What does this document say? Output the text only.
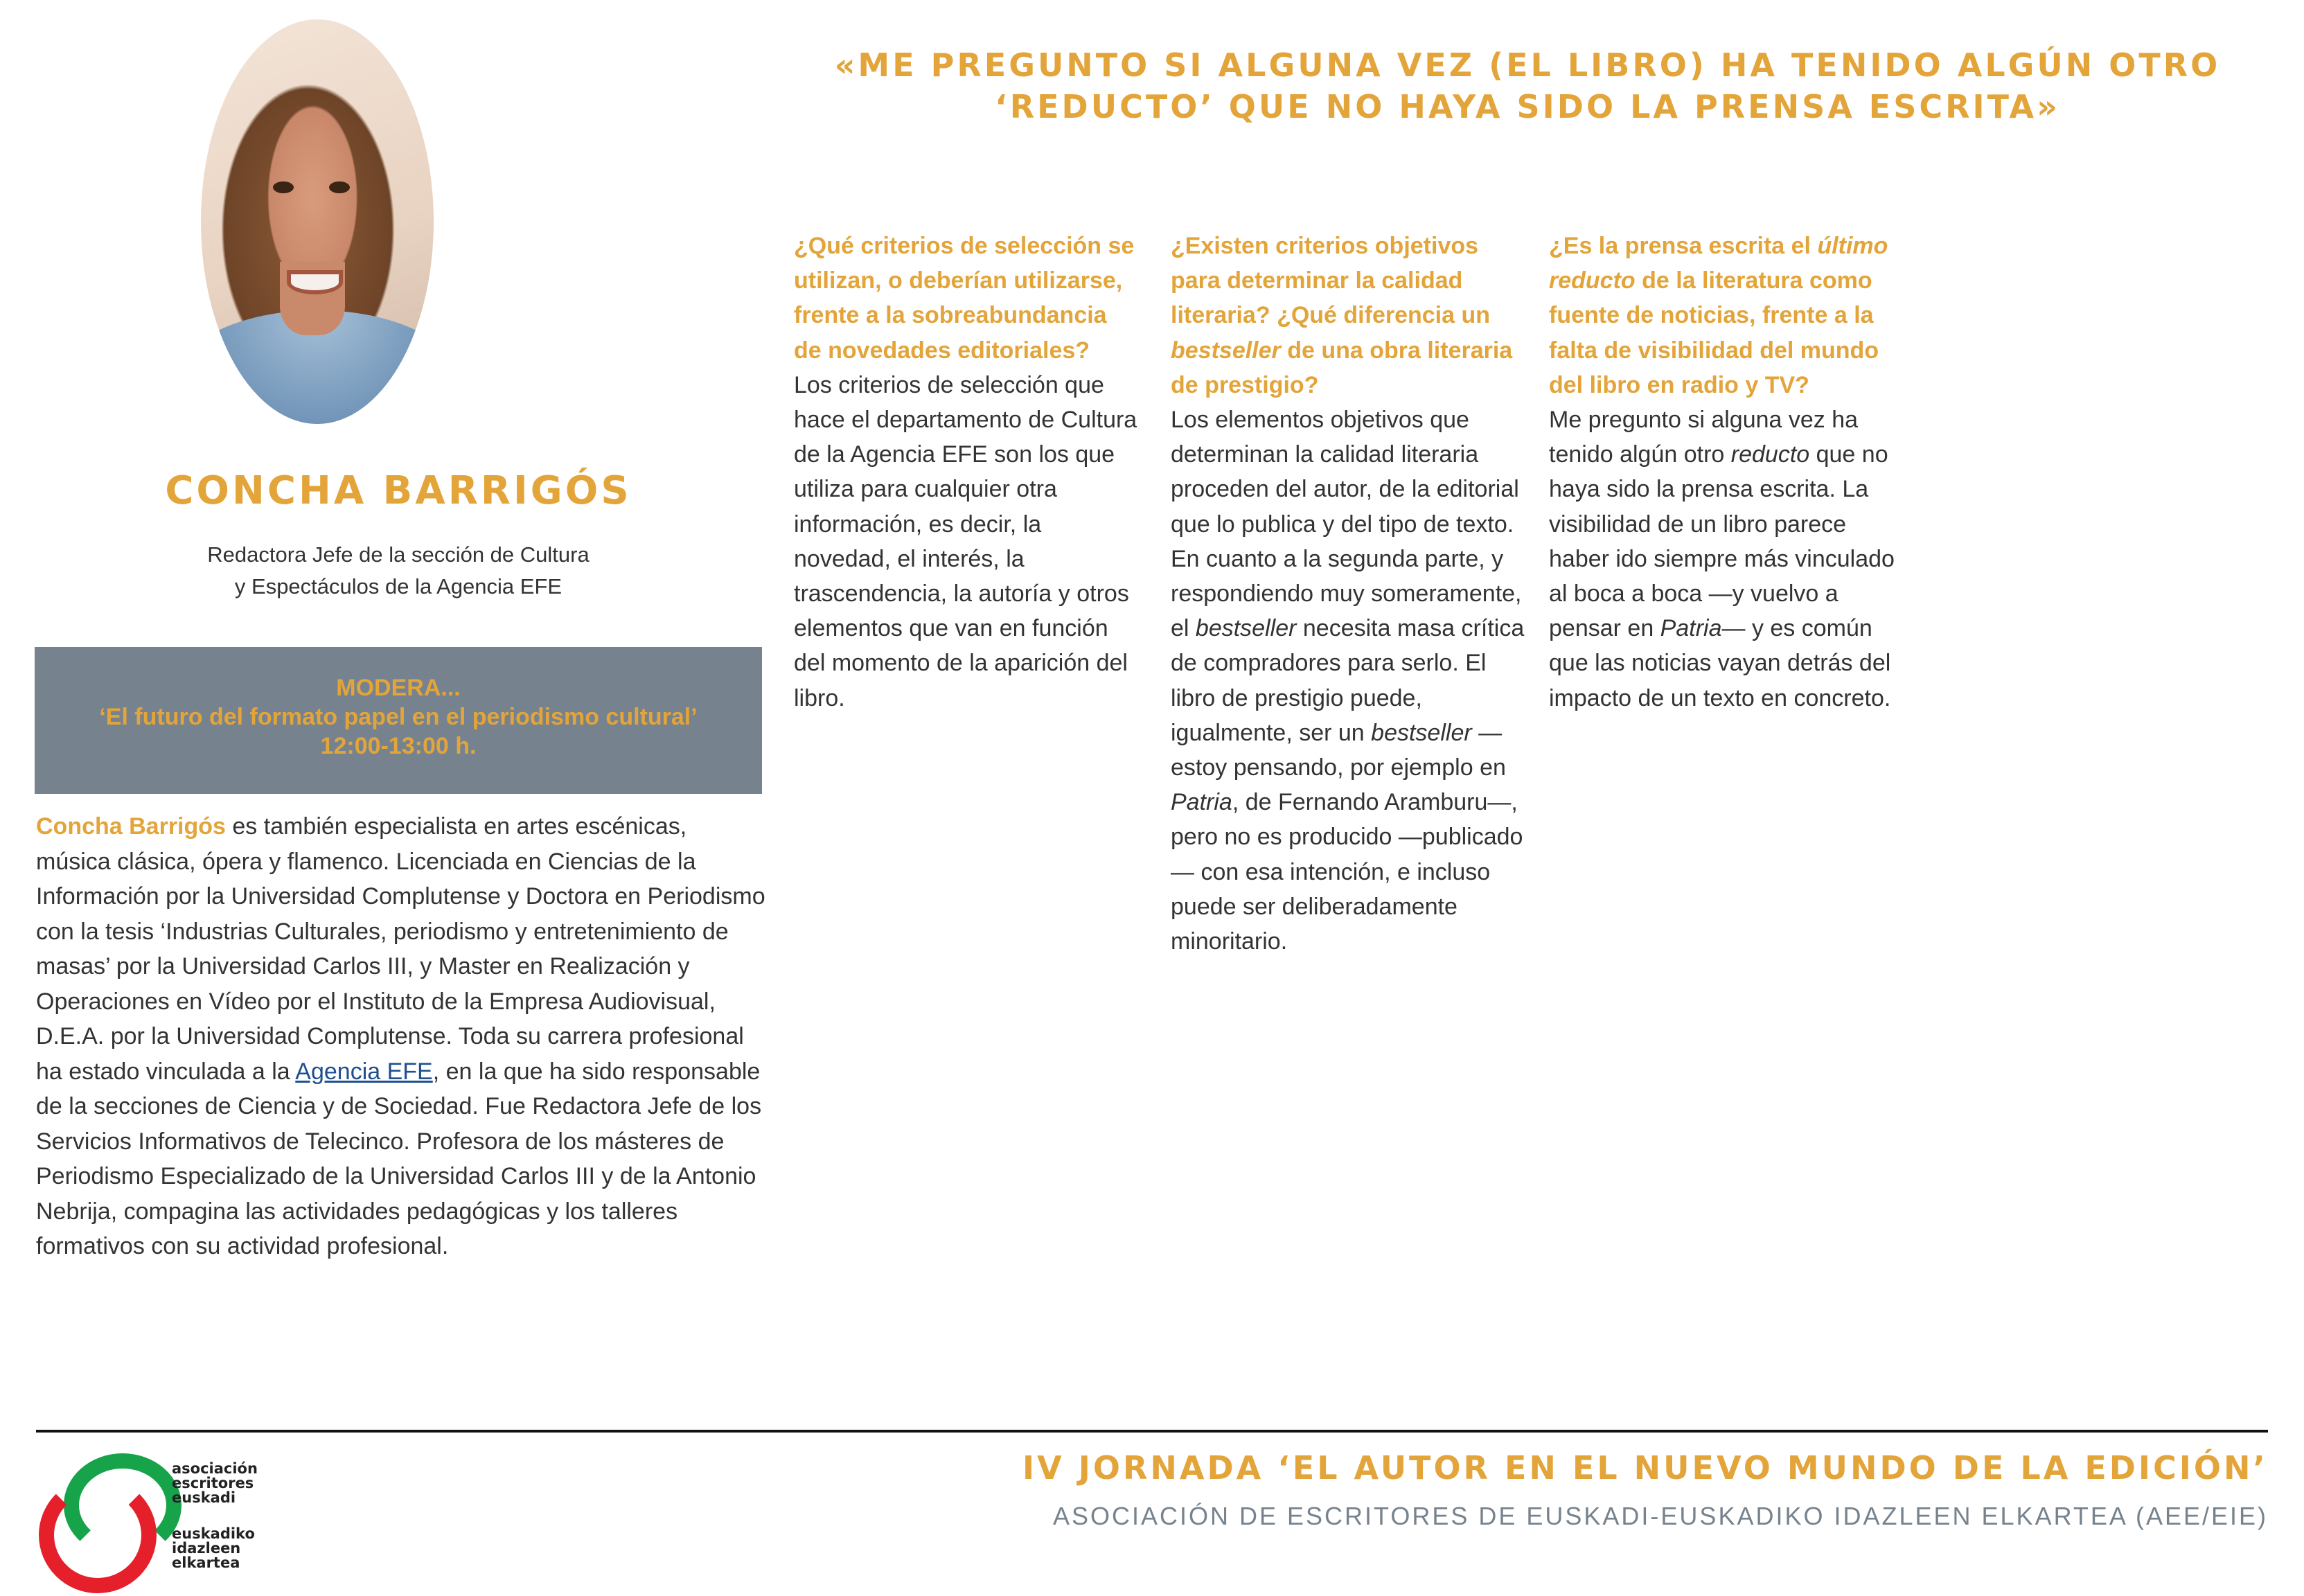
CONCHA BARRIGÓS
Redactora Jefe de la sección de Cultura
y Espectáculos de la Agencia EFE
MODERA...
‘El futuro del formato papel en el periodismo cultural’
12:00-13:00 h.
Concha Barrigós es también especialista en artes escénicas, música clásica, ópera y flamenco. Licenciada en Ciencias de la Información por la Universidad Complutense y Doctora en Periodismo con la tesis ‘Industrias Culturales, periodismo y entretenimiento de masas’ por la Universidad Carlos III, y Master en Realización y Operaciones en Vídeo por el Instituto de la Empresa Audiovisual, D.E.A. por la Universidad Complutense. Toda su carrera profesional ha estado vinculada a la Agencia EFE, en la que ha sido responsable de la secciones de Ciencia y de Sociedad. Fue Redactora Jefe de los Servicios Informativos de Telecinco. Profesora de los másteres de Periodismo Especializado de la Universidad Carlos III y de la Antonio Nebrija, compagina las actividades pedagógicas y los talleres formativos con su actividad profesional.
«ME PREGUNTO SI ALGUNA VEZ (EL LIBRO) HA TENIDO ALGÚN OTRO ‘REDUCTO’ QUE NO HAYA SIDO LA PRENSA ESCRITA»
¿Qué criterios de selección se utilizan, o deberían utilizarse, frente a la sobreabundancia de novedades editoriales?
Los criterios de selección que hace el departamento de Cultura de la Agencia EFE son los que utiliza para cualquier otra información, es decir, la novedad, el interés, la trascendencia, la autoría y otros elementos que van en función del momento de la aparición del libro.
¿Existen criterios objetivos para determinar la calidad literaria? ¿Qué diferencia un bestseller de una obra literaria de prestigio?
Los elementos objetivos que determinan la calidad literaria proceden del autor, de la editorial que lo publica y del tipo de texto. En cuanto a la segunda parte, y respondiendo muy someramente, el bestseller necesita masa crítica de compradores para serlo. El libro de prestigio puede, igualmente, ser un bestseller —estoy pensando, por ejemplo en Patria, de Fernando Aramburu—, pero no es producido —publicado— con esa intención, e incluso puede ser deliberadamente minoritario.
¿Es la prensa escrita el último reducto de la literatura como fuente de noticias, frente a la falta de visibilidad del mundo del libro en radio y TV?
Me pregunto si alguna vez ha tenido algún otro reducto que no haya sido la prensa escrita. La visibilidad de un libro parece haber ido siempre más vinculado al boca a boca —y vuelvo a pensar en Patria— y es común que las noticias vayan detrás del impacto de un texto en concreto.
asociación
escritores
euskadi
euskadiko
idazleen
elkartea
IV JORNADA ‘EL AUTOR EN EL NUEVO MUNDO DE LA EDICIÓN’
ASOCIACIÓN DE ESCRITORES DE EUSKADI-EUSKADIKO IDAZLEEN ELKARTEA (AEE/EIE)
